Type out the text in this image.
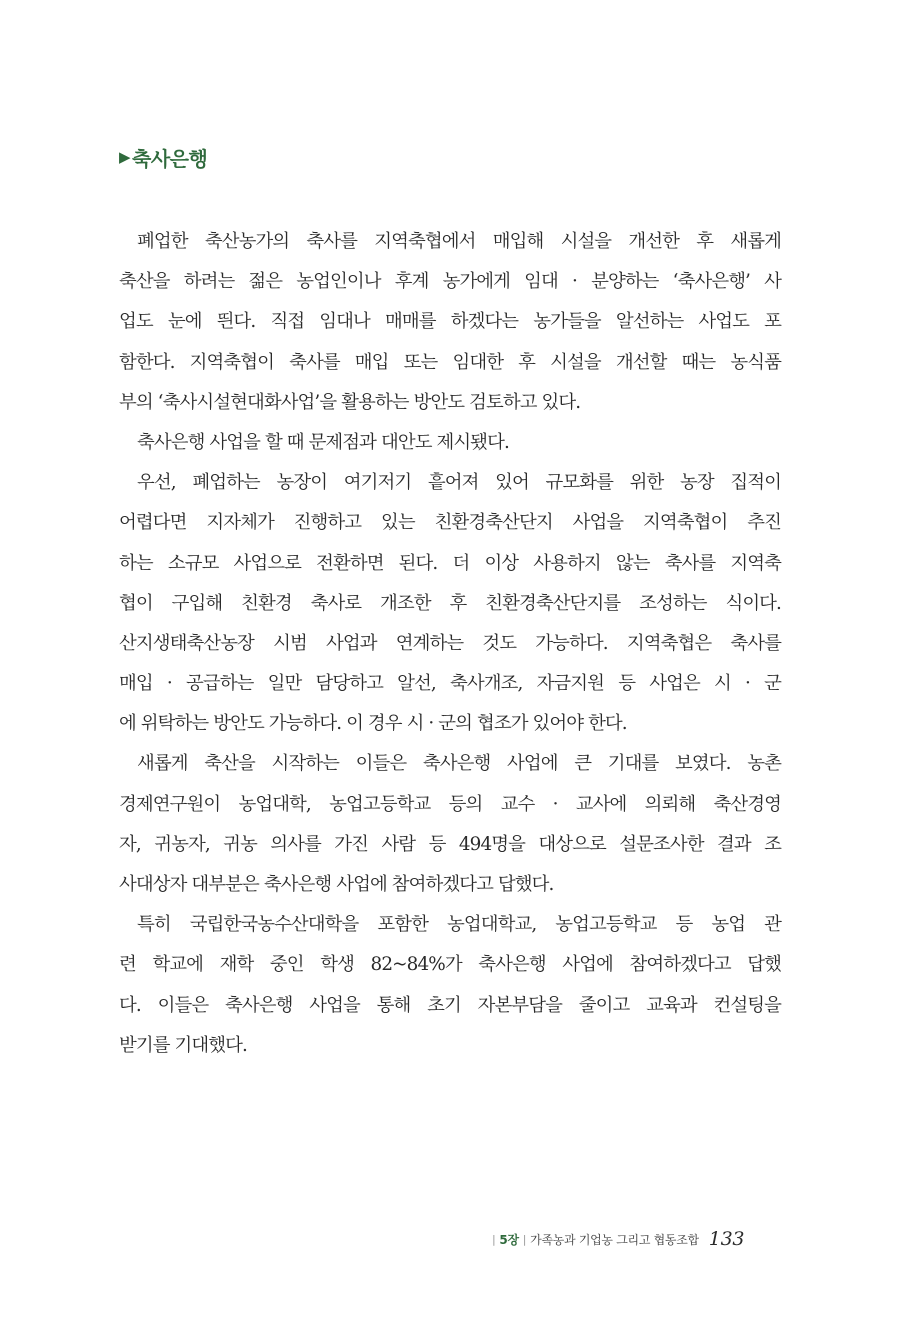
▶ 축사은행
폐업한 축산농가의 축사를 지역축협에서 매입해 시설을 개선한 후 새롭게
축산을 하려는 젊은 농업인이나 후계 농가에게 임대 · 분양하는 ‘축사은행’ 사
업도 눈에 띈다. 직접 임대나 매매를 하겠다는 농가들을 알선하는 사업도 포
함한다. 지역축협이 축사를 매입 또는 임대한 후 시설을 개선할 때는 농식품
부의 ‘축사시설현대화사업’을 활용하는 방안도 검토하고 있다.
축사은행 사업을 할 때 문제점과 대안도 제시됐다.
우선, 폐업하는 농장이 여기저기 흩어져 있어 규모화를 위한 농장 집적이
어렵다면 지자체가 진행하고 있는 친환경축산단지 사업을 지역축협이 추진
하는 소규모 사업으로 전환하면 된다. 더 이상 사용하지 않는 축사를 지역축
협이 구입해 친환경 축사로 개조한 후 친환경축산단지를 조성하는 식이다.
산지생태축산농장 시범 사업과 연계하는 것도 가능하다. 지역축협은 축사를
매입 · 공급하는 일만 담당하고 알선, 축사개조, 자금지원 등 사업은 시 · 군
에 위탁하는 방안도 가능하다. 이 경우 시 · 군의 협조가 있어야 한다.
새롭게 축산을 시작하는 이들은 축사은행 사업에 큰 기대를 보였다. 농촌
경제연구원이 농업대학, 농업고등학교 등의 교수 · 교사에 의뢰해 축산경영
자, 귀농자, 귀농 의사를 가진 사람 등 494명을 대상으로 설문조사한 결과 조
사대상자 대부분은 축사은행 사업에 참여하겠다고 답했다.
특히 국립한국농수산대학을 포함한 농업대학교, 농업고등학교 등 농업 관
련 학교에 재학 중인 학생 82~84%가 축사은행 사업에 참여하겠다고 답했
다. 이들은 축사은행 사업을 통해 초기 자본부담을 줄이고 교육과 컨설팅을
받기를 기대했다.
| 5장 | 가족농과 기업농 그리고 협동조합 133
